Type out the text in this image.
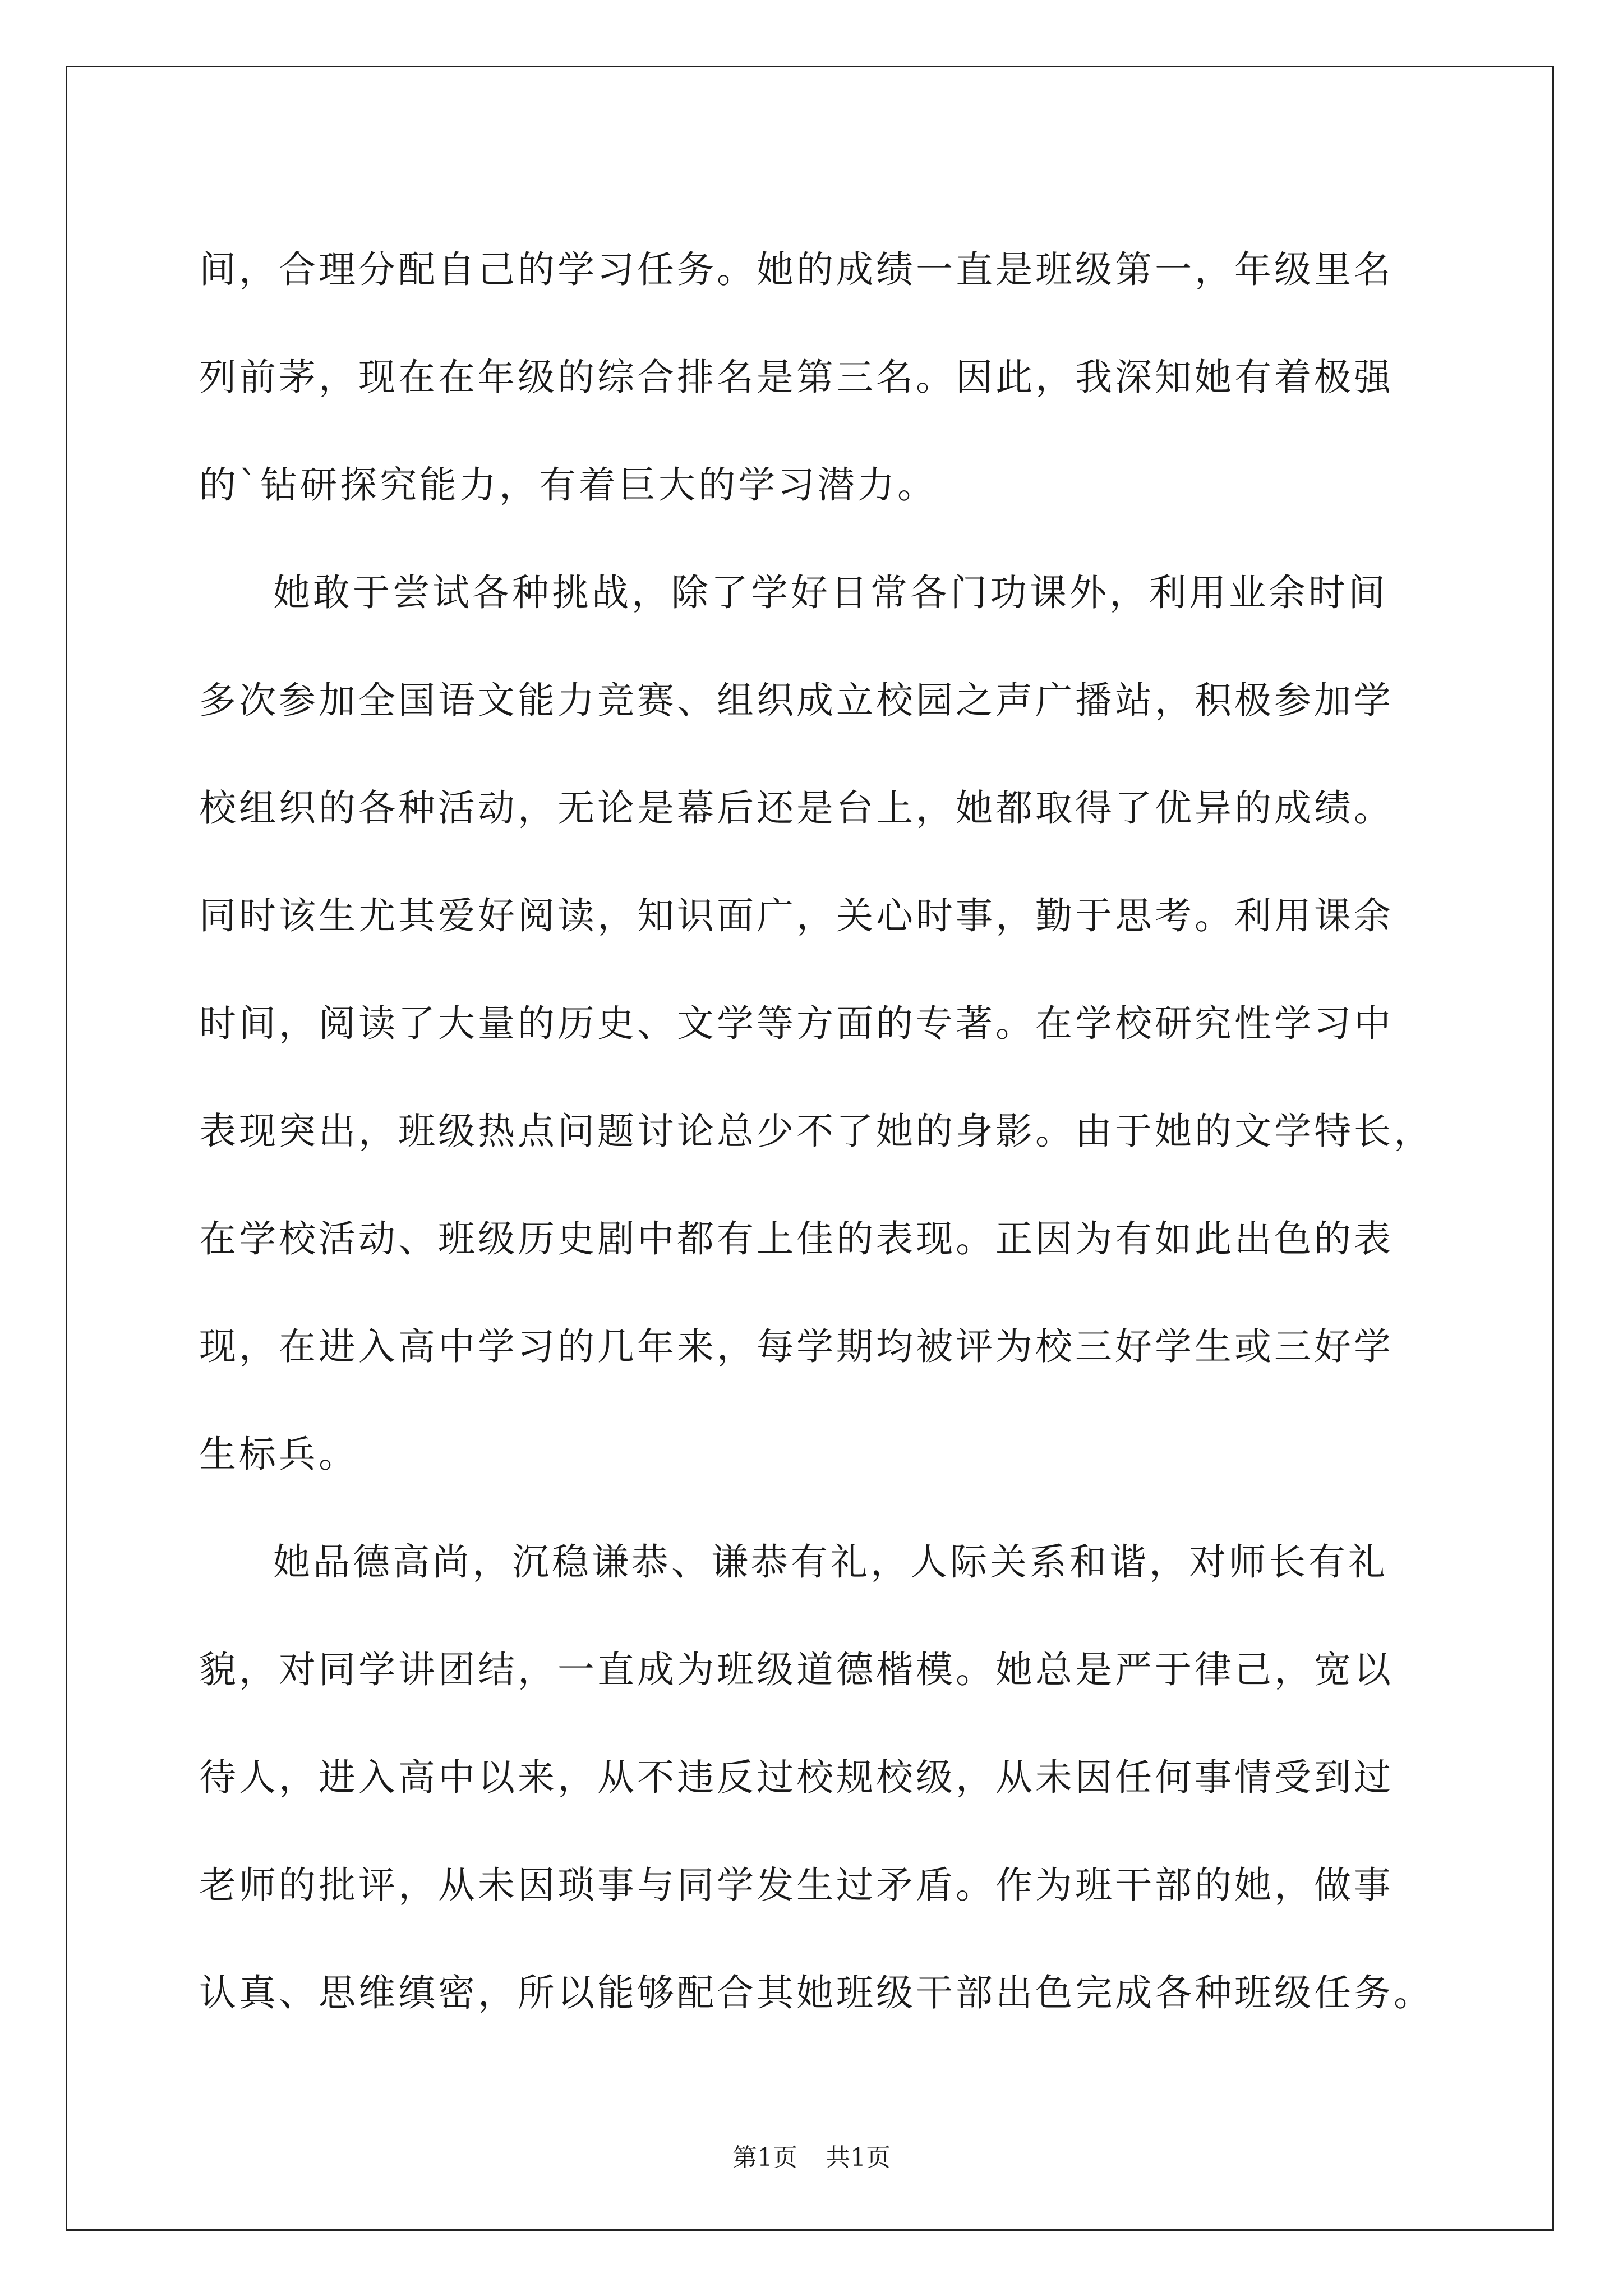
间，合理分配自己的学习任务。她的成绩一直是班级第一，年级里名
列前茅，现在在年级的综合排名是第三名。因此，我深知她有着极强
的`钻研探究能力，有着巨大的学习潜力。
她敢于尝试各种挑战，除了学好日常各门功课外，利用业余时间
多次参加全国语文能力竞赛、组织成立校园之声广播站，积极参加学
校组织的各种活动，无论是幕后还是台上，她都取得了优异的成绩。
同时该生尤其爱好阅读，知识面广，关心时事，勤于思考。利用课余
时间，阅读了大量的历史、文学等方面的专著。在学校研究性学习中
表现突出，班级热点问题讨论总少不了她的身影。由于她的文学特长，
在学校活动、班级历史剧中都有上佳的表现。正因为有如此出色的表
现，在进入高中学习的几年来，每学期均被评为校三好学生或三好学
生标兵。
她品德高尚，沉稳谦恭、谦恭有礼，人际关系和谐，对师长有礼
貌，对同学讲团结，一直成为班级道德楷模。她总是严于律己，宽以
待人，进入高中以来，从不违反过校规校级，从未因任何事情受到过
老师的批评，从未因琐事与同学发生过矛盾。作为班干部的她，做事
认真、思维缜密，所以能够配合其她班级干部出色完成各种班级任务。
第1页 共1页
